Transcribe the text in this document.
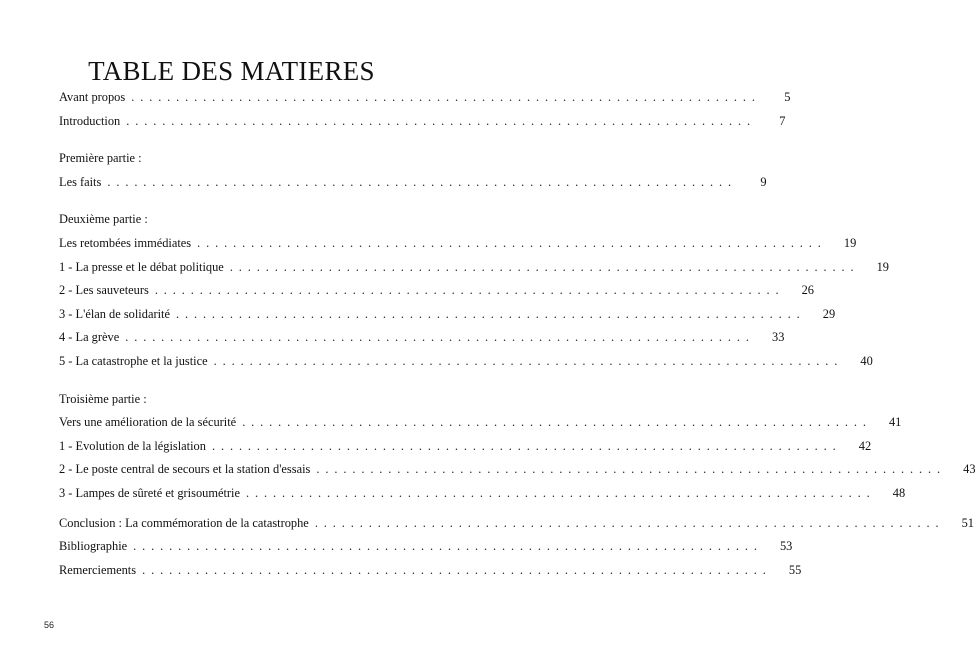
TABLE DES MATIERES
Avant propos . . . . . . . . . . . . . . . . . . . . . . . . . . . . . . . . . . . . . . . . . . . . . . . . . . . . . . . . . . . . . . . . . . . . . .	5
Introduction . . . . . . . . . . . . . . . . . . . . . . . . . . . . . . . . . . . . . . . . . . . . . . . . . . . . . . . . . . . . . . . . . . . . . .	7
Première partie :
Les faits . . . . . . . . . . . . . . . . . . . . . . . . . . . . . . . . . . . . . . . . . . . . . . . . . . . . . . . . . . . . . . . . . . . . . .	9
Deuxième partie :
Les retombées immédiates . . . . . . . . . . . . . . . . . . . . . . . . . . . . . . . . . . . . . . . . . . . . . . . . . . . . . . . . . . . . . . . . . . . . . .	19
1 - La presse et le débat politique . . . . . . . . . . . . . . . . . . . . . . . . . . . . . . . . . . . . . . . . . . . . . . . . . . . . . . . . . . . . . . . . . . . . . .	19
2 - Les sauveteurs . . . . . . . . . . . . . . . . . . . . . . . . . . . . . . . . . . . . . . . . . . . . . . . . . . . . . . . . . . . . . . . . . . . . . .	26
3 - L'élan de solidarité . . . . . . . . . . . . . . . . . . . . . . . . . . . . . . . . . . . . . . . . . . . . . . . . . . . . . . . . . . . . . . . . . . . . . .	29
4 - La grève . . . . . . . . . . . . . . . . . . . . . . . . . . . . . . . . . . . . . . . . . . . . . . . . . . . . . . . . . . . . . . . . . . . . . .	33
5 - La catastrophe et la justice . . . . . . . . . . . . . . . . . . . . . . . . . . . . . . . . . . . . . . . . . . . . . . . . . . . . . . . . . . . . . . . . . . . . . .	40
Troisième partie :
Vers une amélioration de la sécurité . . . . . . . . . . . . . . . . . . . . . . . . . . . . . . . . . . . . . . . . . . . . . . . . . . . . . . . . . . . . . . . . . . . . . .	41
1 - Evolution de la législation . . . . . . . . . . . . . . . . . . . . . . . . . . . . . . . . . . . . . . . . . . . . . . . . . . . . . . . . . . . . . . . . . . . . . .	42
2 - Le poste central de secours et la station d'essais . . . . . . . . . . . . . . . . . . . . . . . . . . . . . . . . . . . . . . . . . . . . . . . . . . . . . . . . . . . . . . . . . . . . . .	43
3 - Lampes de sûreté et grisoumétrie . . . . . . . . . . . . . . . . . . . . . . . . . . . . . . . . . . . . . . . . . . . . . . . . . . . . . . . . . . . . . . . . . . . . . .	48
Conclusion : La commémoration de la catastrophe . . . . . . . . . . . . . . . . . . . . . . . . . . . . . . . . . . . . . . . . . . . . . . . . . . . . . . . . . . . . . . . . . . . . . .	51
Bibliographie . . . . . . . . . . . . . . . . . . . . . . . . . . . . . . . . . . . . . . . . . . . . . . . . . . . . . . . . . . . . . . . . . . . . . .	53
Remerciements . . . . . . . . . . . . . . . . . . . . . . . . . . . . . . . . . . . . . . . . . . . . . . . . . . . . . . . . . . . . . . . . . . . . . .	55
56
